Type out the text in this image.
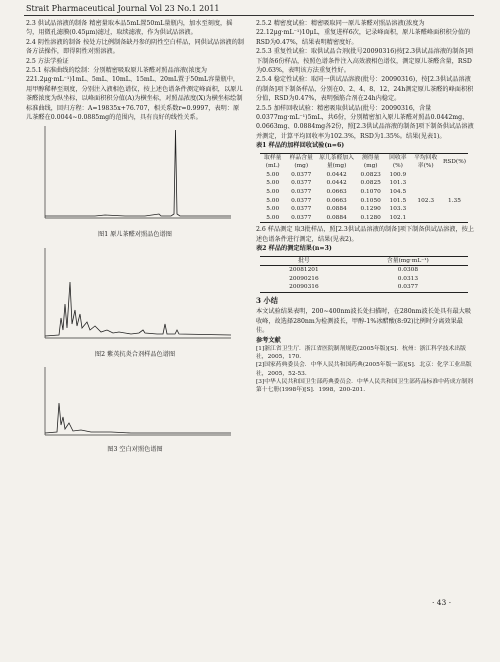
Strait Pharmaceutical Journal Vol 23 No.1 2011

2.3 供试品溶液的制备 精密量取本品5mL置50mL量瓶内，加水至刻度，摇匀，用微孔滤膜(0.45μm)滤过，取续滤液，作为供试品溶液。

2.4 阴性溶液的制备 按处方比例制备缺丹参的阴性空白样品，同供试品溶液的制备方法操作，即得阴性对照溶液。

2.5 方法学验证

2.5.1 标准曲线的绘制：分别精密吸取原儿茶醛对照品溶液(浓度为221.2μg·mL⁻¹)1mL、5mL、10mL、15mL、20mL置于50mL容量瓶中，用甲醇稀释至刻度，分别注入液相色谱仪，按上述色谱条件测定峰面积，以原儿茶醛浓度为纵坐标，以峰面积积分值(A)为横坐标，对照品浓度(X)为横坐标绘制标准曲线，回归方程：A=19835x+76.707，相关系数r=0.9997，表明：原儿茶醛在0.0044~0.0885mg的范围内，具有良好的线性关系。

图1 原儿茶醛对照品色谱图
图2 紫英抗炎合剂样品色谱图
图3 空白对照色谱图

2.5.2 精密度试验：精密吸取同一原儿茶醛对照品溶液(浓度为22.12μg·mL⁻¹)10μL，重复进样6次，记录峰面积，原儿茶醛峰面积积分值的RSD为0.47%，结果表明精密度好。

2.5.3 重复性试验：取供试品合剂(批号20090316)按[2.3供试品溶液的制备]项下制备6份样品，按照色谱条件注入高效液相色谱仪，测定原儿茶醛含量，RSD为0.63%，表明该方法重复性好。

2.5.4 稳定性试验：取同一供试品溶液(批号：20090316)，按[2.3供试品溶液的制备]项下制备样品，分别在0、2、4、8、12、24h测定原儿茶醛的峰面积积分值，RSD为0.47%，表明强筋合剂在24h内稳定。

2.5.5 加样回收试验：精密吸取供试品(批号：20090316，含量0.0377mg·mL⁻¹)5mL，共6份，分别精密加入原儿茶醛对照品0.0442mg、0.0663mg、0.0884mg各2份，照[2.3供试品溶液的制备]项下制备供试品溶液并测定，计算平均回收率为102.3%，RSD为1.35%。结果(见表1)。

表1 样品的加样回收试验(n=6)

取样量(mL)	样品含量(mg)	原儿茶醛加入量(mg)	测得量(mg)	回收率(%)	平均回收率(%)	RSD(%)

5.00	0.0377	0.0442	0.0823	100.9		
5.00	0.0377	0.0442	0.0825	101.3		
5.00	0.0377	0.0663	0.1070	104.5		
5.00	0.0377	0.0663	0.1050	101.5	102.3	1.35
5.00	0.0377	0.0884	0.1290	103.3		
5.00	0.0377	0.0884	0.1280	102.1		

2.6 样品测定 取3批样品，照[2.3供试品溶液的制备]项下制备供试品溶液，按上述色谱条件进行测定，结果(见表2)。

表2 样品的测定结果(n=3)

批号	含量(mg·mL⁻¹)
20081201	0.0308
20090216	0.0313
20090316	0.0377

3 小结

本文试验结果表明，200~400nm波长处扫描时，在280nm波长处具有最大吸收峰，故选择280nm为检测波长，甲醇-1%冰醋酸(8:92)比例时分离效果最佳。

参考文献

[1]浙江省卫生厅．浙江省医院制剂规范(2005年版)[S]．杭州：浙江科学技术出版社，2005，170.

[2]国家药典委员会．中华人民共和国药典(2005年版一部)[S]．北京：化学工业出版社，2005，52-53.

[3]中华人民共和国卫生部药典委员会．中华人民共和国卫生部药品标准中药成方制剂第十七册(1998年)[S]．1998，200-201.

· 43 ·
